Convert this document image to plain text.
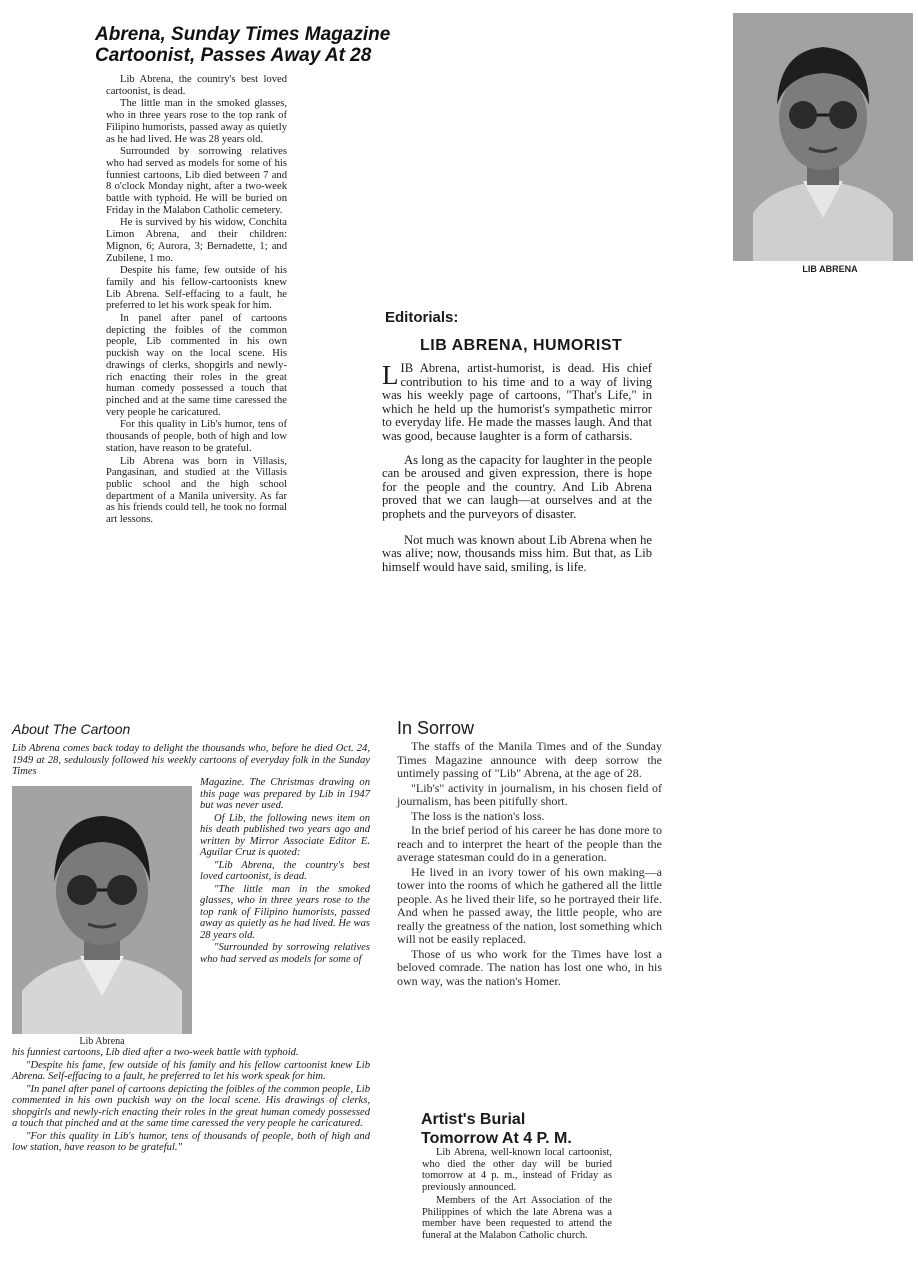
Abrena, Sunday Times Magazine Cartoonist, Passes Away At 28

Lib Abrena, the country's best loved cartoonist, is dead.

The little man in the smoked glasses, who in three years rose to the top rank of Filipino humorists, passed away as quietly as he had lived. He was 28 years old.

Surrounded by sorrowing relatives who had served as models for some of his funniest cartoons, Lib died between 7 and 8 o'clock Monday night, after a two-week battle with typhoid. He will be buried on Friday in the Malabon Catholic cemetery.

He is survived by his widow, Conchita Limon Abrena, and their children: Mignon, 6; Aurora, 3; Bernadette, 1; and Zubilene, 1 mo.

Despite his fame, few outside of his family and his fellow-cartoonists knew Lib Abrena. Self-effacing to a fault, he preferred to let his work speak for him.

In panel after panel of cartoons depicting the foibles of the common people, Lib commented in his own puckish way on the local scene. His drawings of clerks, shopgirls and newly-rich enacting their roles in the great human comedy possessed a touch that pinched and at the same time caressed the very people he caricatured.

For this quality in Lib's humor, tens of thousands of people, both of high and low station, have reason to be grateful.

Lib Abrena was born in Villasis, Pangasinan, and studied at the Villasis public school and the high school department of a Manila university. As far as his friends could tell, he took no formal art lessons.

LIB ABRENA
Editorials:
LIB ABRENA, HUMORIST

LIB Abrena, artist-humorist, is dead. His chief contribution to his time and to a way of living was his weekly page of cartoons, "That's Life," in which he held up the humorist's sympathetic mirror to everyday life. He made the masses laugh. And that was good, because laughter is a form of catharsis.

As long as the capacity for laughter in the people can be aroused and given expression, there is hope for the people and the country. And Lib Abrena proved that we can laugh—at ourselves and at the prophets and the purveyors of disaster.

Not much was known about Lib Abrena when he was alive; now, thousands miss him. But that, as Lib himself would have said, smiling, is life.

About The Cartoon
Lib Abrena comes back today to delight the thousands who, before he died Oct. 24, 1949 at 28, sedulously followed his weekly cartoons of everyday folk in the Sunday Times
Lib Abrena

Magazine. The Christmas drawing on this page was prepared by Lib in 1947 but was never used.

Of Lib, the following news item on his death published two years ago and written by Mirror Associate Editor E. Aguilar Cruz is quoted:

"Lib Abrena, the country's best loved cartoonist, is dead.

"The little man in the smoked glasses, who in three years rose to the top rank of Filipino humorists, passed away as quietly as he had lived. He was 28 years old.

"Surrounded by sorrowing relatives who had served as models for some of

his funniest cartoons, Lib died after a two-week battle with typhoid.

"Despite his fame, few outside of his family and his fellow cartoonist knew Lib Abrena. Self-effacing to a fault, he preferred to let his work speak for him.

"In panel after panel of cartoons depicting the foibles of the common people, Lib commented in his own puckish way on the local scene. His drawings of clerks, shopgirls and newly-rich enacting their roles in the great human comedy possessed a touch that pinched and at the same time caressed the very people he caricatured.

"For this quality in Lib's humor, tens of thousands of people, both of high and low station, have reason to be grateful."

In Sorrow

The staffs of the Manila Times and of the Sunday Times Magazine announce with deep sorrow the untimely passing of "Lib" Abrena, at the age of 28.

"Lib's" activity in journalism, in his chosen field of journalism, has been pitifully short.

The loss is the nation's loss.

In the brief period of his career he has done more to reach and to interpret the heart of the people than the average statesman could do in a generation.

He lived in an ivory tower of his own making—a tower into the rooms of which he gathered all the little people. As he lived their life, so he portrayed their life. And when he passed away, the little people, who are really the greatness of the nation, lost something which will not be easily replaced.

Those of us who work for the Times have lost a beloved comrade. The nation has lost one who, in his own way, was the nation's Homer.

Artist's Burial
Tomorrow At 4 P. M.

Lib Abrena, well-known local cartoonist, who died the other day will be buried tomorrow at 4 p. m., instead of Friday as previously announced.

Members of the Art Association of the Philippines of which the late Abrena was a member have been requested to attend the funeral at the Malabon Catholic church.
